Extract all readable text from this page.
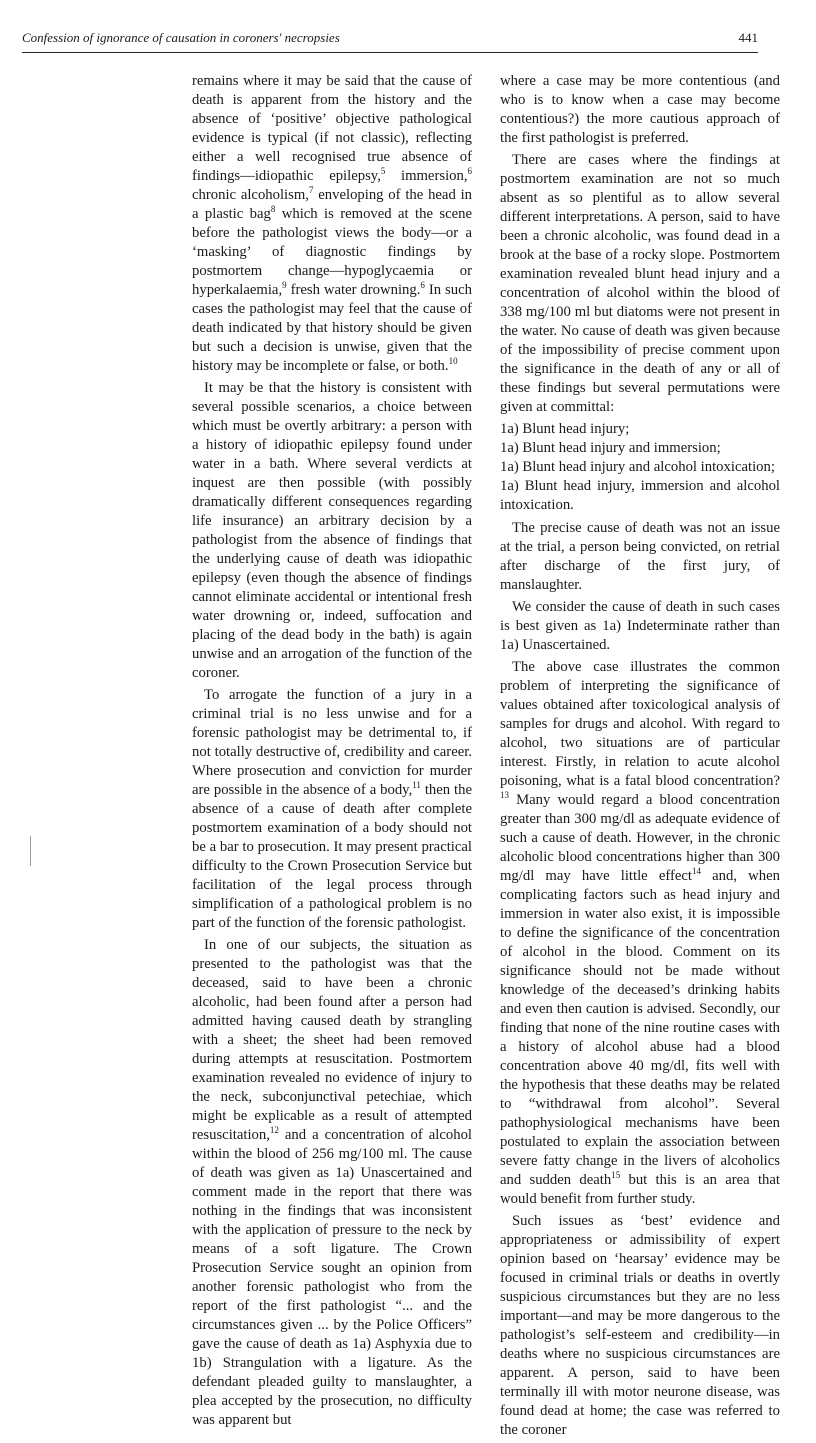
Confession of ignorance of causation in coroners' necropsies	441

remains where it may be said that the cause of death is apparent from the history and the absence of ‘positive’ objective pathological evidence is typical (if not classic), reflecting either a well recognised true absence of findings—idiopathic epilepsy,$^5$ immersion,$^6$ chronic alcoholism,$^7$ enveloping of the head in a plastic bag$^8$ which is removed at the scene before the pathologist views the body—or a ‘masking’ of diagnostic findings by postmortem change—hypoglycaemia or hyperkalaemia,$^9$ fresh water drowning.$^6$ In such cases the pathologist may feel that the cause of death indicated by that history should be given but such a decision is unwise, given that the history may be incomplete or false, or both.$^{10}$

It may be that the history is consistent with several possible scenarios, a choice between which must be overtly arbitrary: a person with a history of idiopathic epilepsy found under water in a bath. Where several verdicts at inquest are then possible (with possibly dramatically different consequences regarding life insurance) an arbitrary decision by a pathologist from the absence of findings that the underlying cause of death was idiopathic epilepsy (even though the absence of findings cannot eliminate accidental or intentional fresh water drowning or, indeed, suffocation and placing of the dead body in the bath) is again unwise and an arrogation of the function of the coroner.

To arrogate the function of a jury in a criminal trial is no less unwise and for a forensic pathologist may be detrimental to, if not totally destructive of, credibility and career. Where prosecution and conviction for murder are possible in the absence of a body,$^{11}$ then the absence of a cause of death after complete postmortem examination of a body should not be a bar to prosecution. It may present practical difficulty to the Crown Prosecution Service but facilitation of the legal process through simplification of a pathological problem is no part of the function of the forensic pathologist.

In one of our subjects, the situation as presented to the pathologist was that the deceased, said to have been a chronic alcoholic, had been found after a person had admitted having caused death by strangling with a sheet; the sheet had been removed during attempts at resuscitation. Postmortem examination revealed no evidence of injury to the neck, subconjunctival petechiae, which might be explicable as a result of attempted resuscitation,$^{12}$ and a concentration of alcohol within the blood of 256 mg/100 ml. The cause of death was given as 1a) Unascertained and comment made in the report that there was nothing in the findings that was inconsistent with the application of pressure to the neck by means of a soft ligature. The Crown Prosecution Service sought an opinion from another forensic pathologist who from the report of the first pathologist “... and the circumstances given ... by the Police Officers” gave the cause of death as 1a) Asphyxia due to 1b) Strangulation with a ligature. As the defendant pleaded guilty to manslaughter, a plea accepted by the prosecution, no difficulty was apparent but

where a case may be more contentious (and who is to know when a case may become contentious?) the more cautious approach of the first pathologist is preferred.

There are cases where the findings at postmortem examination are not so much absent as so plentiful as to allow several different interpretations. A person, said to have been a chronic alcoholic, was found dead in a brook at the base of a rocky slope. Postmortem examination revealed blunt head injury and a concentration of alcohol within the blood of 338 mg/100 ml but diatoms were not present in the water. No cause of death was given because of the impossibility of precise comment upon the significance in the death of any or all of these findings but several permutations were given at committal:

1a) Blunt head injury;

1a) Blunt head injury and immersion;

1a) Blunt head injury and alcohol intoxication;

1a) Blunt head injury, immersion and alcohol intoxication.

The precise cause of death was not an issue at the trial, a person being convicted, on retrial after discharge of the first jury, of manslaughter.

We consider the cause of death in such cases is best given as 1a) Indeterminate rather than 1a) Unascertained.

The above case illustrates the common problem of interpreting the significance of values obtained after toxicological analysis of samples for drugs and alcohol. With regard to alcohol, two situations are of particular interest. Firstly, in relation to acute alcohol poisoning, what is a fatal blood concentration?$^{13}$ Many would regard a blood concentration greater than 300 mg/dl as adequate evidence of such a cause of death. However, in the chronic alcoholic blood concentrations higher than 300 mg/dl may have little effect$^{14}$ and, when complicating factors such as head injury and immersion in water also exist, it is impossible to define the significance of the concentration of alcohol in the blood. Comment on its significance should not be made without knowledge of the deceased’s drinking habits and even then caution is advised. Secondly, our finding that none of the nine routine cases with a history of alcohol abuse had a blood concentration above 40 mg/dl, fits well with the hypothesis that these deaths may be related to “withdrawal from alcohol”. Several pathophysiological mechanisms have been postulated to explain the association between severe fatty change in the livers of alcoholics and sudden death$^{15}$ but this is an area that would benefit from further study.

Such issues as ‘best’ evidence and appropriateness or admissibility of expert opinion based on ‘hearsay’ evidence may be focused in criminal trials or deaths in overtly suspicious circumstances but they are no less important—and may be more dangerous to the pathologist’s self-esteem and credibility—in deaths where no suspicious circumstances are apparent. A person, said to have been terminally ill with motor neurone disease, was found dead at home; the case was referred to the coroner
